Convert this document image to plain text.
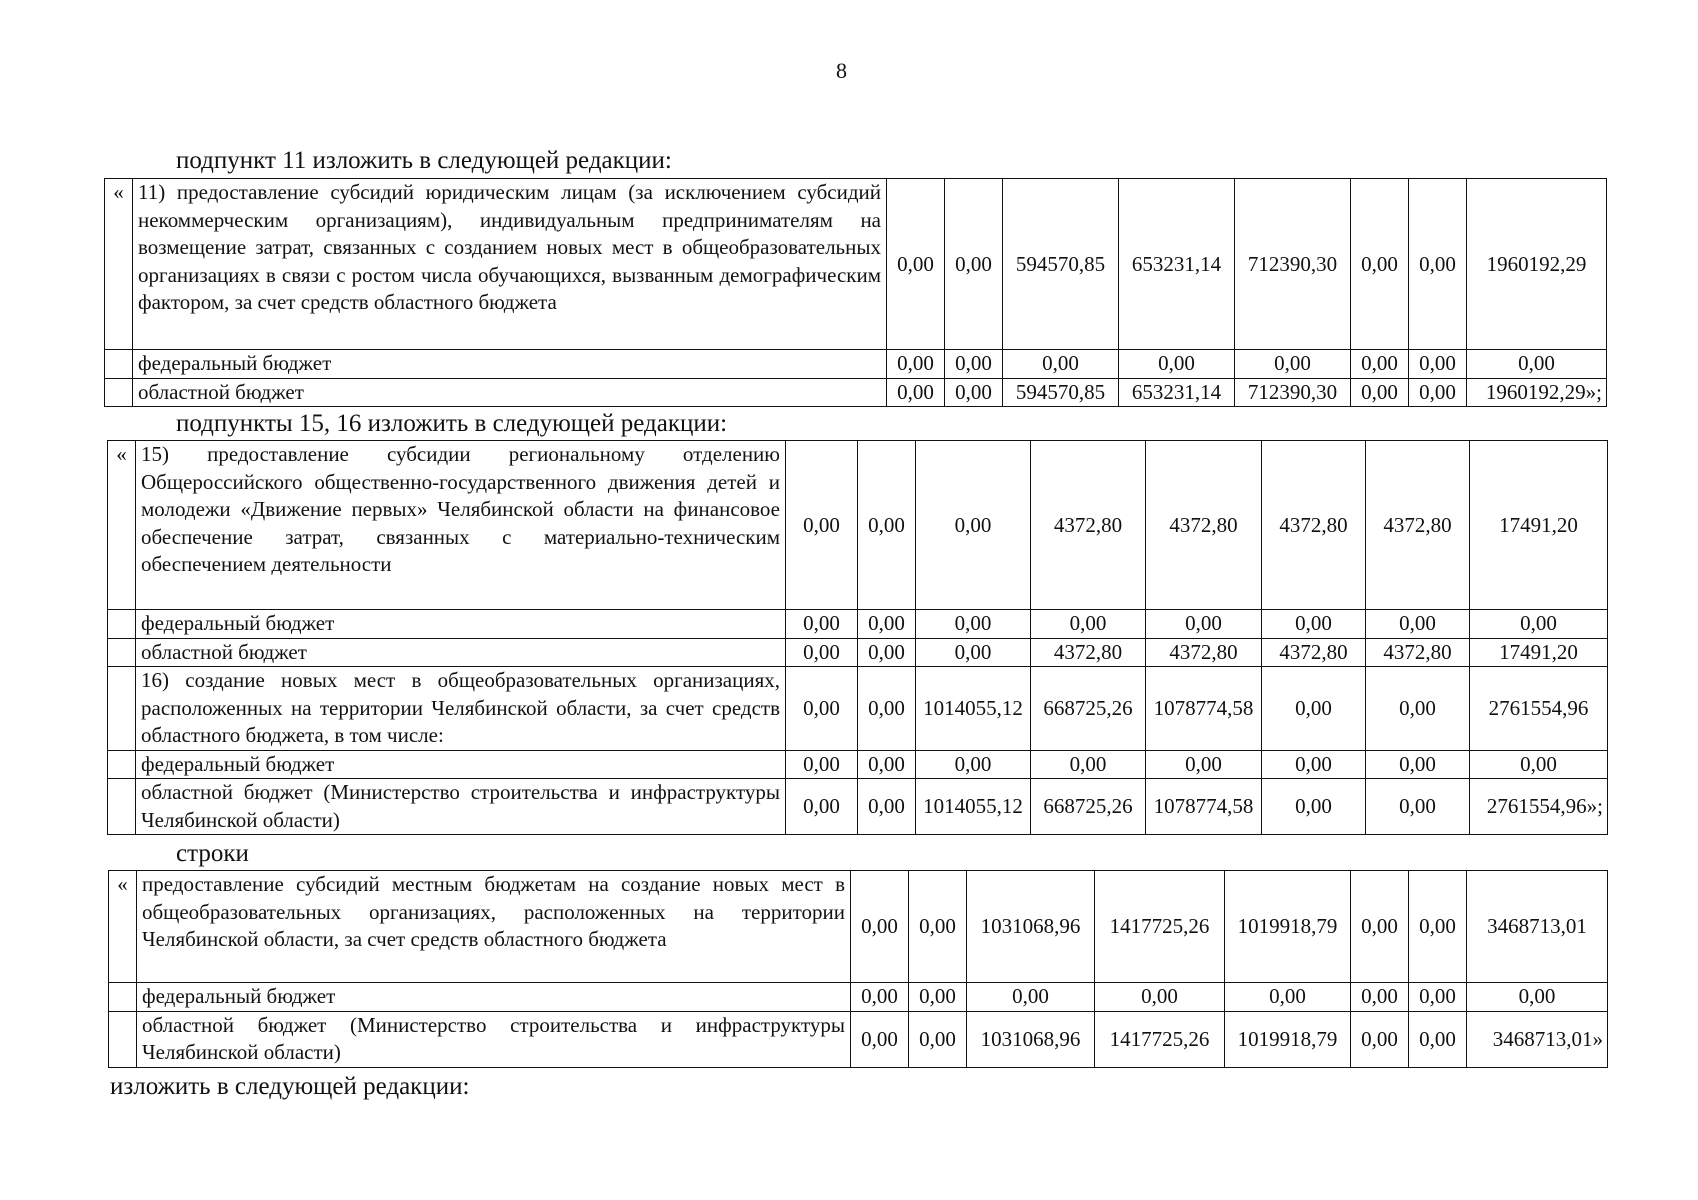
8
подпункт 11 изложить в следующей редакции:
«	11) предоставление субсидий юридическим лицам (за исключением субсидий некоммерческим организациям), индивидуальным предпринимателям на возмещение затрат, связанных с созданием новых мест в общеобразовательных организациях в связи с ростом числа обучающихся, вызванным демографическим фактором, за счет средств областного бюджета	0,00	0,00	594570,85	653231,14	712390,30	0,00	0,00	1960192,29
	федеральный бюджет	0,00	0,00	0,00	0,00	0,00	0,00	0,00	0,00
	областной бюджет	0,00	0,00	594570,85	653231,14	712390,30	0,00	0,00	1960192,29»;
подпункты 15, 16 изложить в следующей редакции:
«	15) предоставление субсидии региональному отделению Общероссийского общественно-государственного движения детей и молодежи «Движение первых» Челябинской области на финансовое обеспечение затрат, связанных с материально-техническим обеспечением деятельности	0,00	0,00	0,00	4372,80	4372,80	4372,80	4372,80	17491,20
	федеральный бюджет	0,00	0,00	0,00	0,00	0,00	0,00	0,00	0,00
	областной бюджет	0,00	0,00	0,00	4372,80	4372,80	4372,80	4372,80	17491,20
	16) создание новых мест в общеобразовательных организациях, расположенных на территории Челябинской области, за счет средств областного бюджета, в том числе:	0,00	0,00	1014055,12	668725,26	1078774,58	0,00	0,00	2761554,96
	федеральный бюджет	0,00	0,00	0,00	0,00	0,00	0,00	0,00	0,00
	областной бюджет (Министерство строительства и инфраструктуры Челябинской области)	0,00	0,00	1014055,12	668725,26	1078774,58	0,00	0,00	2761554,96»;
строки
«	предоставление субсидий местным бюджетам на создание новых мест в общеобразовательных организациях, расположенных на территории Челябинской области, за счет средств областного бюджета	0,00	0,00	1031068,96	1417725,26	1019918,79	0,00	0,00	3468713,01
	федеральный бюджет	0,00	0,00	0,00	0,00	0,00	0,00	0,00	0,00
	областной бюджет (Министерство строительства и инфраструктуры Челябинской области)	0,00	0,00	1031068,96	1417725,26	1019918,79	0,00	0,00	3468713,01»
изложить в следующей редакции:
